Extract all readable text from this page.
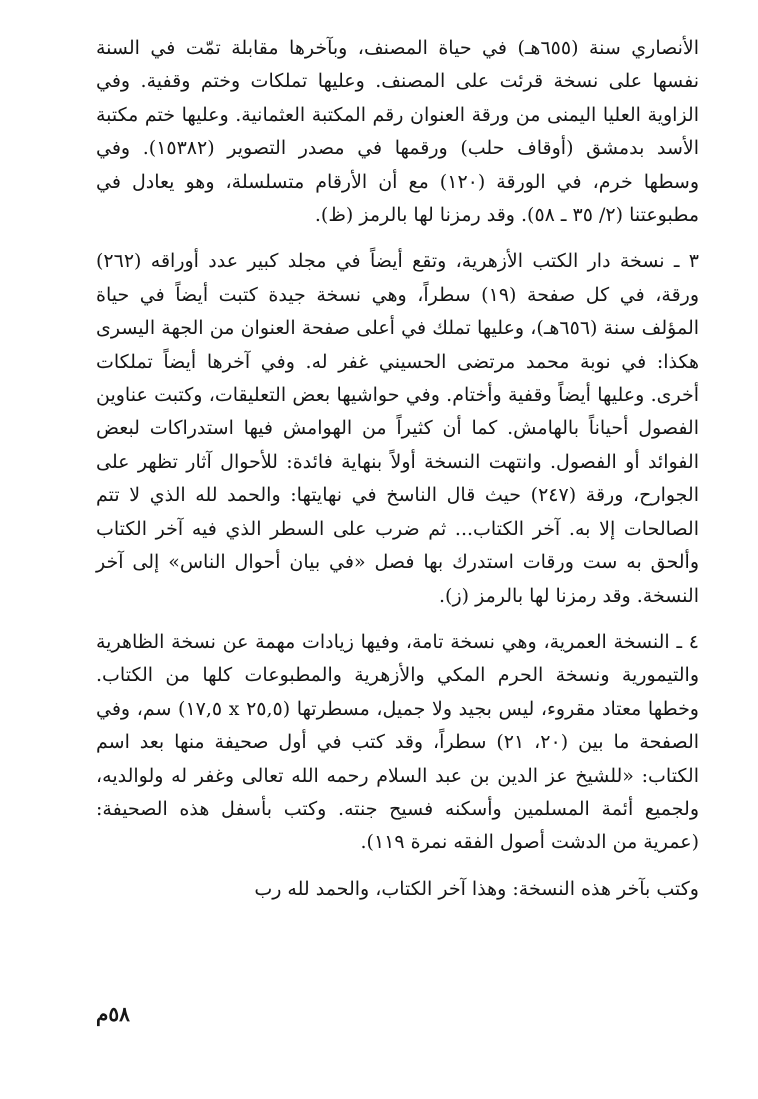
الأنصاري سنة (٦٥٥هـ) في حياة المصنف، وبآخرها مقابلة تمّت في السنة نفسها على نسخة قرئت على المصنف. وعليها تملكات وختم وقفية. وفي الزاوية العليا اليمنى من ورقة العنوان رقم المكتبة العثمانية. وعليها ختم مكتبة الأسد بدمشق (أوقاف حلب) ورقمها في مصدر التصوير (١٥٣٨٢). وفي وسطها خرم، في الورقة (١٢٠) مع أن الأرقام متسلسلة، وهو يعادل في مطبوعتنا (٢/ ٣٥ ـ ٥٨). وقد رمزنا لها بالرمز (ظ).

٣ ـ نسخة دار الكتب الأزهرية، وتقع أيضاً في مجلد كبير عدد أوراقه (٢٦٢) ورقة، في كل صفحة (١٩) سطراً، وهي نسخة جيدة كتبت أيضاً في حياة المؤلف سنة (٦٥٦هـ)، وعليها تملك في أعلى صفحة العنوان من الجهة اليسرى هكذا: في نوبة محمد مرتضى الحسيني غفر له. وفي آخرها أيضاً تملكات أخرى. وعليها أيضاً وقفية وأختام. وفي حواشيها بعض التعليقات، وكتبت عناوين الفصول أحياناً بالهامش. كما أن كثيراً من الهوامش فيها استدراكات لبعض الفوائد أو الفصول. وانتهت النسخة أولاً بنهاية فائدة: للأحوال آثار تظهر على الجوارح، ورقة (٢٤٧) حيث قال الناسخ في نهايتها: والحمد لله الذي لا تتم الصالحات إلا به. آخر الكتاب... ثم ضرب على السطر الذي فيه آخر الكتاب وألحق به ست ورقات استدرك بها فصل «في بيان أحوال الناس» إلى آخر النسخة. وقد رمزنا لها بالرمز (ز).

٤ ـ النسخة العمرية، وهي نسخة تامة، وفيها زيادات مهمة عن نسخة الظاهرية والتيمورية ونسخة الحرم المكي والأزهرية والمطبوعات كلها من الكتاب. وخطها معتاد مقروء، ليس بجيد ولا جميل، مسطرتها (٢٥,٥ x ١٧,٥) سم، وفي الصفحة ما بين (٢٠، ٢١) سطراً، وقد كتب في أول صحيفة منها بعد اسم الكتاب: «للشيخ عز الدين بن عبد السلام رحمه الله تعالى وغفر له ولوالديه، ولجميع أئمة المسلمين وأسكنه فسيح جنته. وكتب بأسفل هذه الصحيفة: (عمرية من الدشت أصول الفقه نمرة ١١٩).

وكتب بآخر هذه النسخة: وهذا آخر الكتاب، والحمد لله رب

٥٨م
